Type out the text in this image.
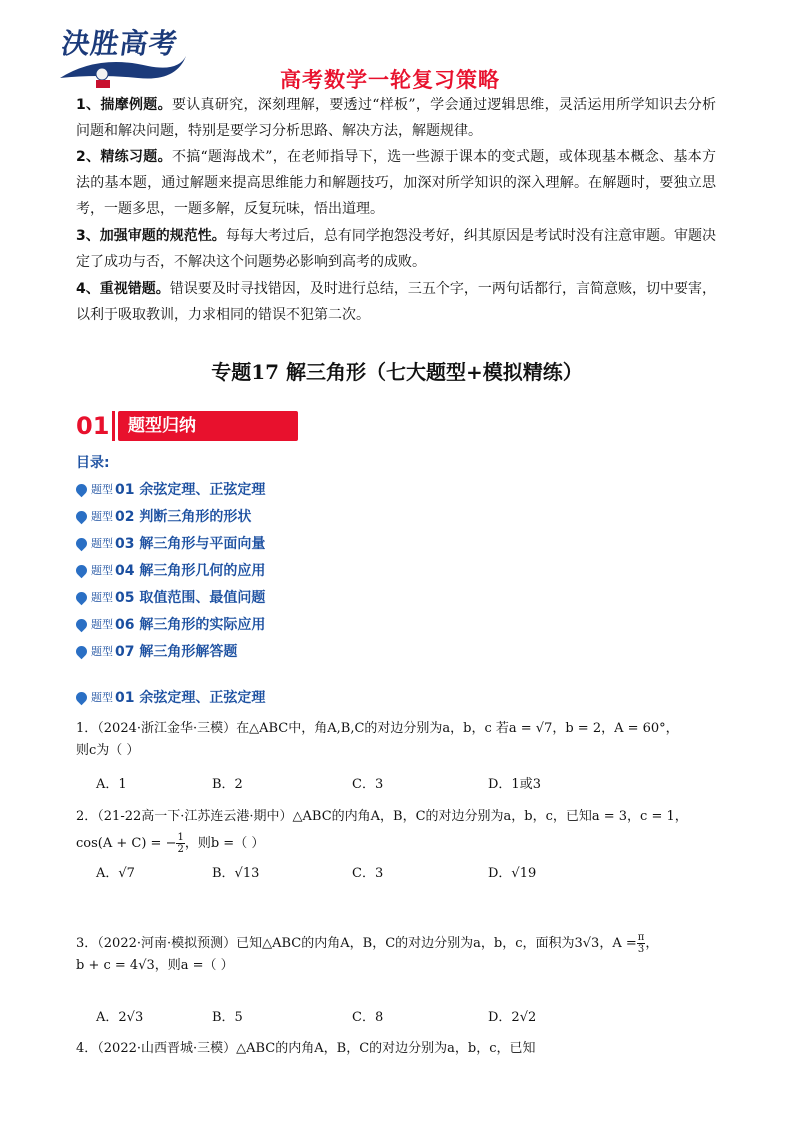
決胜高考
高考数学一轮复习策略
1、揣摩例题。要认真研究，深刻理解，要透过“样板”，学会通过逻辑思维，灵活运用所学知识去分析问题和解决问题，特别是要学习分析思路、解决方法，解题规律。
2、精练习题。不搞“题海战术”，在老师指导下，选一些源于课本的变式题，或体现基本概念、基本方法的基本题，通过解题来提高思维能力和解题技巧，加深对所学知识的深入理解。在解题时，要独立思考，一题多思，一题多解，反复玩味，悟出道理。
3、加强审题的规范性。每每大考过后，总有同学抱怨没考好，纠其原因是考试时没有注意审题。审题决定了成功与否，不解决这个问题势必影响到高考的成败。
4、重视错题。错误要及时寻找错因，及时进行总结，三五个字，一两句话都行，言简意赅，切中要害，以利于吸取教训，力求相同的错误不犯第二次。
专题17 解三角形（七大题型+模拟精练）
01 题型归纳
目录:
题型 01 余弦定理、正弦定理
题型 02 判断三角形的形状
题型 03 解三角形与平面向量
题型 04 解三角形几何的应用
题型 05 取值范围、最值问题
题型 06 解三角形的实际应用
题型 07 解三角形解答题
题型 01 余弦定理、正弦定理
1．（2024·浙江金华·三模）在△ABC中，角A,B,C的对边分别为a，b，c 若a = √7，b = 2，A = 60°，
则c为（ ）
A．1	B．2	C．3	D．1或3
2．（21-22高一下·江苏连云港·期中）△ABC的内角A，B，C的对边分别为a，b，c，已知a = 3，c = 1，
cos(A + C) = − $\frac{1}{2}$ ，则b =（ ）
A．√7	B．√13	C．3	D．√19
3．（2022·河南·模拟预测）已知△ABC的内角A，B，C的对边分别为a，b，c，面积为3√3，$A = \frac{\pi}{3}$ ，
b + c = 4√3，则a =（ ）
A．2√3	B．5	C．8	D．2√2
4．（2022·山西晋城·三模）△ABC的内角A，B，C的对边分别为a，b，c，已知
